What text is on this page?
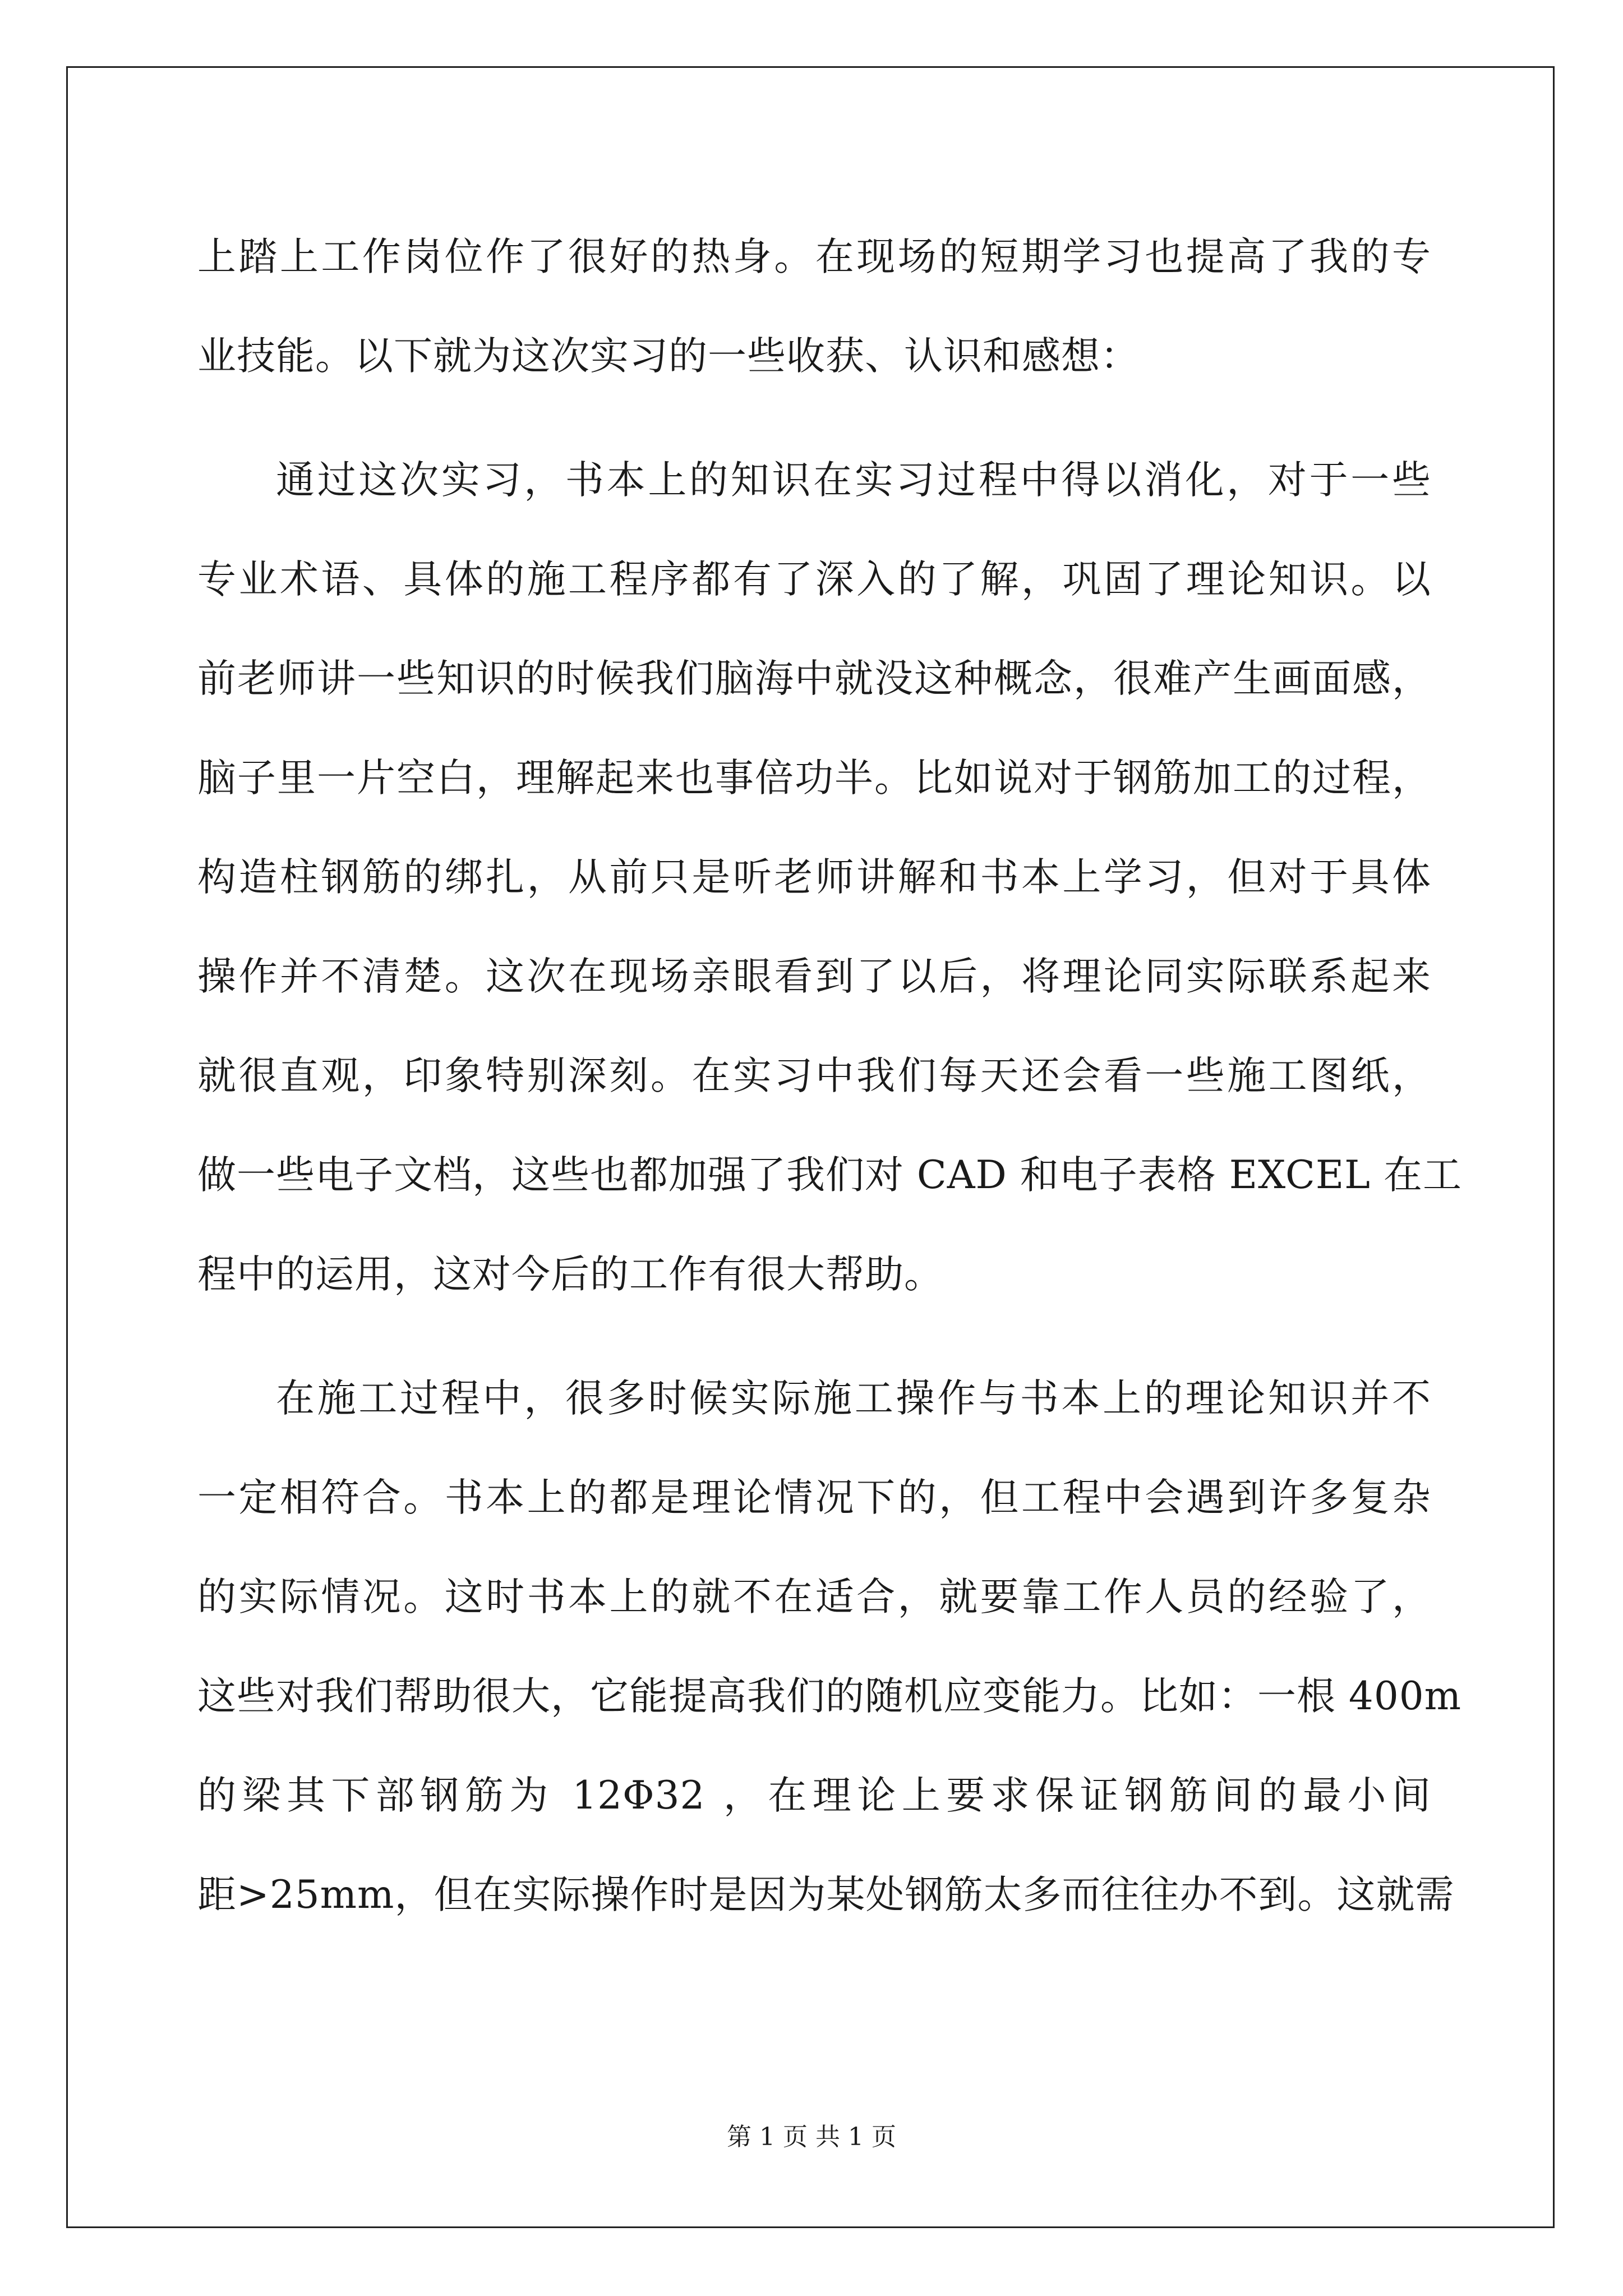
上踏上工作岗位作了很好的热身。在现场的短期学习也提高了我的专
业技能。以下就为这次实习的一些收获、认识和感想：
通过这次实习，书本上的知识在实习过程中得以消化，对于一些
专业术语、具体的施工程序都有了深入的了解，巩固了理论知识。以
前老师讲一些知识的时候我们脑海中就没这种概念，很难产生画面感，
脑子里一片空白，理解起来也事倍功半。比如说对于钢筋加工的过程，
构造柱钢筋的绑扎，从前只是听老师讲解和书本上学习，但对于具体
操作并不清楚。这次在现场亲眼看到了以后，将理论同实际联系起来
就很直观，印象特别深刻。在实习中我们每天还会看一些施工图纸，
做一些电子文档，这些也都加强了我们对 CAD 和电子表格 EXCEL 在工
程中的运用，这对今后的工作有很大帮助。
在施工过程中，很多时候实际施工操作与书本上的理论知识并不
一定相符合。书本上的都是理论情况下的，但工程中会遇到许多复杂
的实际情况。这时书本上的就不在适合，就要靠工作人员的经验了，
这些对我们帮助很大，它能提高我们的随机应变能力。比如：一根 400m
的梁其下部钢筋为 12Φ32 ，在理论上要求保证钢筋间的最小间
距>25mm，但在实际操作时是因为某处钢筋太多而往往办不到。这就需
第 1 页 共 1 页
